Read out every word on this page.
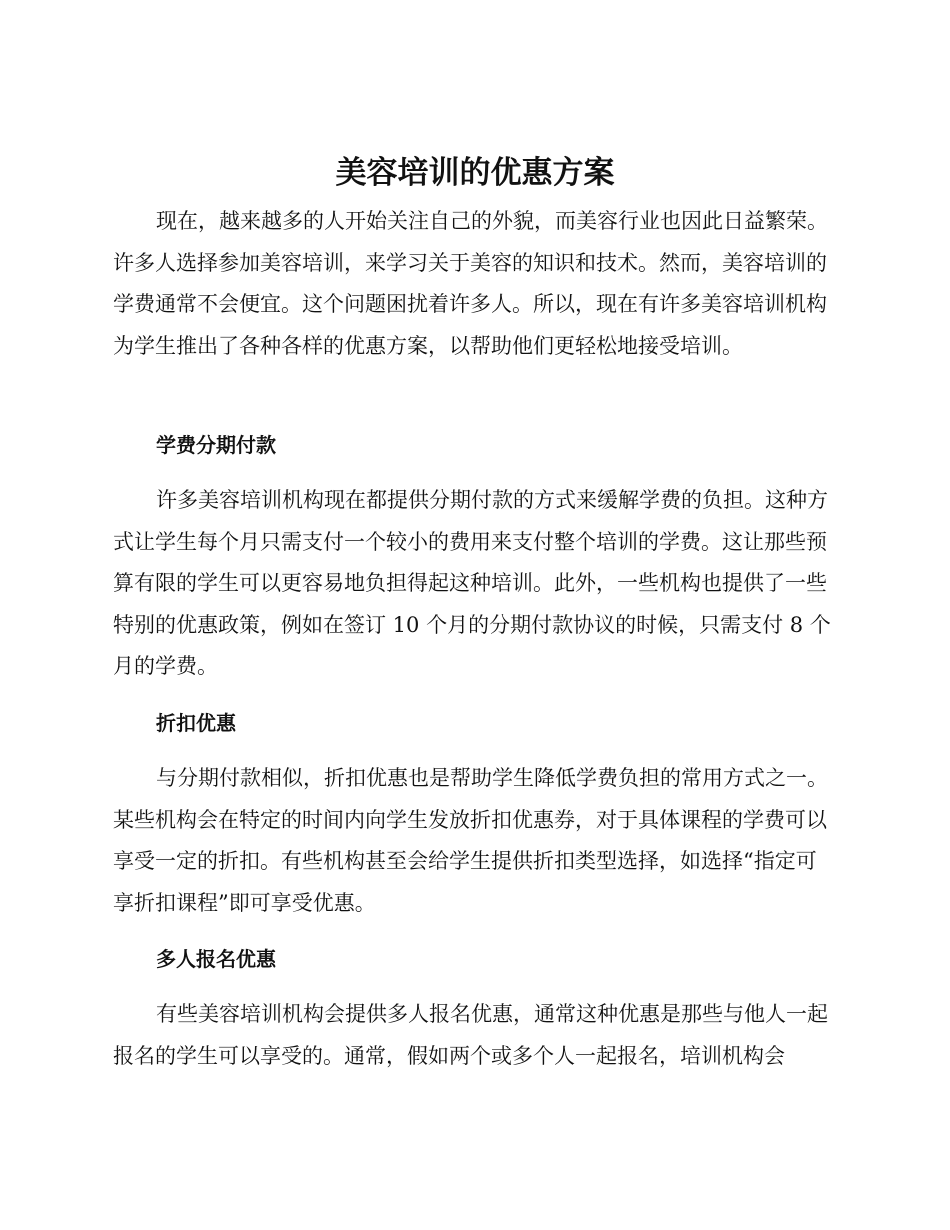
美容培训的优惠方案

现在，越来越多的人开始关注自己的外貌，而美容行业也因此日益繁荣。许多人选择参加美容培训，来学习关于美容的知识和技术。然而，美容培训的学费通常不会便宜。这个问题困扰着许多人。所以，现在有许多美容培训机构为学生推出了各种各样的优惠方案，以帮助他们更轻松地接受培训。

学费分期付款

许多美容培训机构现在都提供分期付款的方式来缓解学费的负担。这种方式让学生每个月只需支付一个较小的费用来支付整个培训的学费。这让那些预算有限的学生可以更容易地负担得起这种培训。此外，一些机构也提供了一些特别的优惠政策，例如在签订 10 个月的分期付款协议的时候，只需支付 8 个月的学费。

折扣优惠

与分期付款相似，折扣优惠也是帮助学生降低学费负担的常用方式之一。某些机构会在特定的时间内向学生发放折扣优惠券，对于具体课程的学费可以享受一定的折扣。有些机构甚至会给学生提供折扣类型选择，如选择“指定可享折扣课程”即可享受优惠。

多人报名优惠

有些美容培训机构会提供多人报名优惠，通常这种优惠是那些与他人一起报名的学生可以享受的。通常，假如两个或多个人一起报名，培训机构会
